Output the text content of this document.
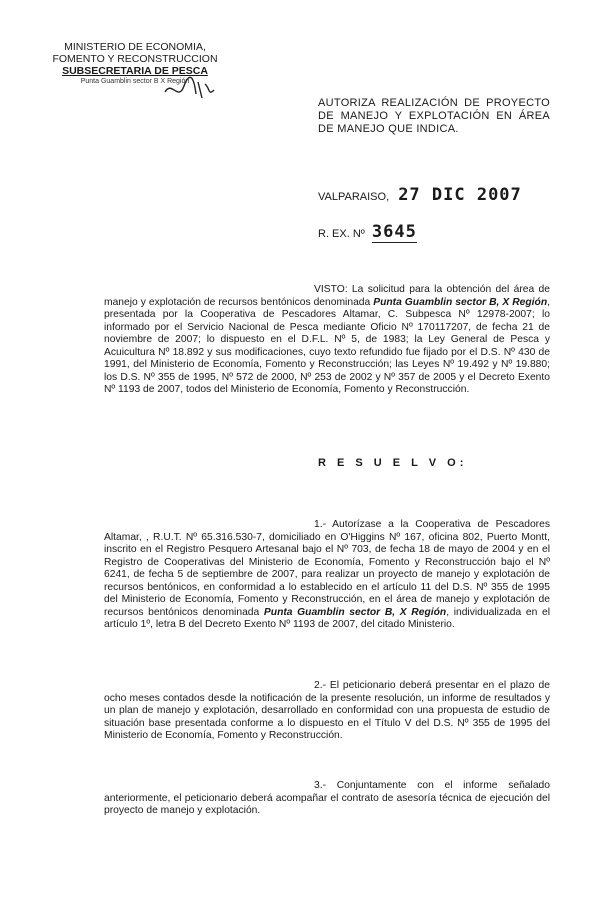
MINISTERIO DE ECONOMIA,
FOMENTO Y RECONSTRUCCION
SUBSECRETARIA DE PESCA
Punta Guamblin sector B X Región
AUTORIZA REALIZACIÓN DE PROYECTO DE MANEJO Y EXPLOTACIÓN EN ÁREA DE MANEJO QUE INDICA.
VALPARAISO, 27 DIC 2007
R. EX. Nº 3645
VISTO: La solicitud para la obtención del área de manejo y explotación de recursos bentónicos denominada Punta Guamblin sector B, X Región, presentada por la Cooperativa de Pescadores Altamar, C. Subpesca Nº 12978-2007; lo informado por el Servicio Nacional de Pesca mediante Oficio Nº 170117207, de fecha 21 de noviembre de 2007; lo dispuesto en el D.F.L. Nº 5, de 1983; la Ley General de Pesca y Acuicultura Nº 18.892 y sus modificaciones, cuyo texto refundido fue fijado por el D.S. Nº 430 de 1991, del Ministerio de Economía, Fomento y Reconstrucción; las Leyes Nº 19.492 y Nº 19.880; los D.S. Nº 355 de 1995, Nº 572 de 2000, Nº 253 de 2002 y Nº 357 de 2005 y el Decreto Exento Nº 1193 de 2007, todos del Ministerio de Economía, Fomento y Reconstrucción.
R E S U E L V O:
1.- Autorízase a la Cooperativa de Pescadores Altamar, , R.U.T. Nº 65.316.530-7, domiciliado en O'Higgins Nº 167, oficina 802, Puerto Montt, inscrito en el Registro Pesquero Artesanal bajo el Nº 703, de fecha 18 de mayo de 2004 y en el Registro de Cooperativas del Ministerio de Economía, Fomento y Reconstrucción bajo el Nº 6241, de fecha 5 de septiembre de 2007, para realizar un proyecto de manejo y explotación de recursos bentónicos, en conformidad a lo establecido en el artículo 11 del D.S. Nº 355 de 1995 del Ministerio de Economía, Fomento y Reconstrucción, en el área de manejo y explotación de recursos bentónicos denominada Punta Guamblin sector B, X Región, individualizada en el artículo 1º, letra B del Decreto Exento Nº 1193 de 2007, del citado Ministerio.
2.- El peticionario deberá presentar en el plazo de ocho meses contados desde la notificación de la presente resolución, un informe de resultados y un plan de manejo y explotación, desarrollado en conformidad con una propuesta de estudio de situación base presentada conforme a lo dispuesto en el Título V del D.S. Nº 355 de 1995 del Ministerio de Economía, Fomento y Reconstrucción.
3.- Conjuntamente con el informe señalado anteriormente, el peticionario deberá acompañar el contrato de asesoría técnica de ejecución del proyecto de manejo y explotación.
